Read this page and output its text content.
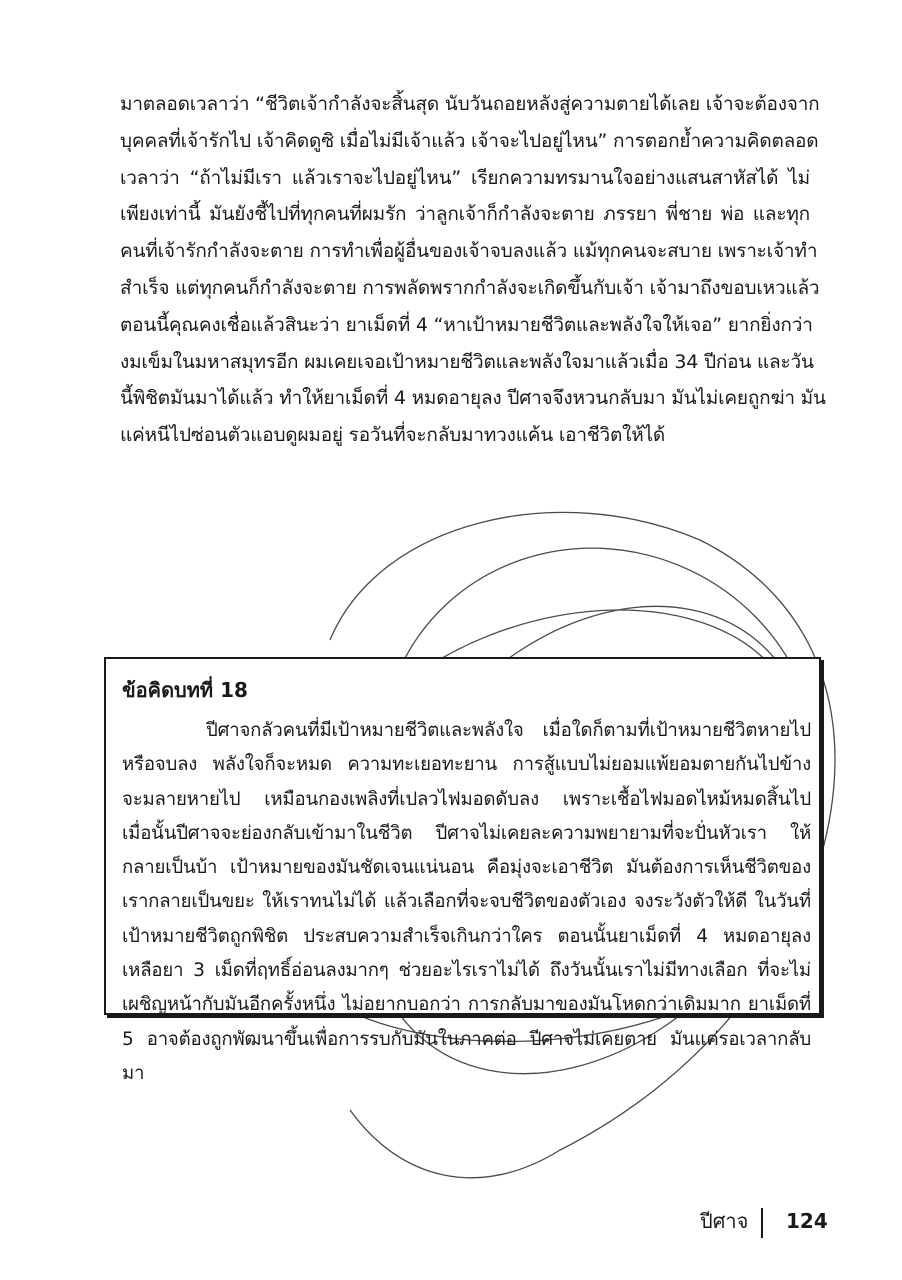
มาตลอดเวลาว่า “ชีวิตเจ้ากำลังจะสิ้นสุด นับวันถอยหลังสู่ความตายได้เลย เจ้าจะต้องจาก
บุคคลที่เจ้ารักไป เจ้าคิดดูซิ เมื่อไม่มีเจ้าแล้ว เจ้าจะไปอยู่ไหน” การตอกย้ำความคิดตลอด
เวลาว่า “ถ้าไม่มีเรา แล้วเราจะไปอยู่ไหน” เรียกความทรมานใจอย่างแสนสาหัสได้ ไม่
เพียงเท่านี้ มันยังชี้ไปที่ทุกคนที่ผมรัก ว่าลูกเจ้าก็กำลังจะตาย ภรรยา พี่ชาย พ่อ และทุก
คนที่เจ้ารักกำลังจะตาย การทำเพื่อผู้อื่นของเจ้าจบลงแล้ว แม้ทุกคนจะสบาย เพราะเจ้าทำ
สำเร็จ แต่ทุกคนก็กำลังจะตาย การพลัดพรากกำลังจะเกิดขึ้นกับเจ้า เจ้ามาถึงขอบเหวแล้ว
ตอนนี้คุณคงเชื่อแล้วสินะว่า ยาเม็ดที่ 4 “หาเป้าหมายชีวิตและพลังใจให้เจอ” ยากยิ่งกว่า
งมเข็มในมหาสมุทรอีก ผมเคยเจอเป้าหมายชีวิตและพลังใจมาแล้วเมื่อ 34 ปีก่อน และวัน
นี้พิชิตมันมาได้แล้ว ทำให้ยาเม็ดที่ 4 หมดอายุลง ปีศาจจึงหวนกลับมา มันไม่เคยถูกฆ่า มัน
แค่หนีไปซ่อนตัวแอบดูผมอยู่ รอวันที่จะกลับมาทวงแค้น เอาชีวิตให้ได้
ข้อคิดบทที่ 18
ปีศาจกลัวคนที่มีเป้าหมายชีวิตและพลังใจ เมื่อใดก็ตามที่เป้าหมายชีวิตหายไป
หรือจบลง พลังใจก็จะหมด ความทะเยอทะยาน การสู้แบบไม่ยอมแพ้ยอมตายกันไปข้าง
จะมลายหายไป เหมือนกองเพลิงที่เปลวไฟมอดดับลง เพราะเชื้อไฟมอดไหม้หมดสิ้นไป
เมื่อนั้นปีศาจจะย่องกลับเข้ามาในชีวิต ปีศาจไม่เคยละความพยายามที่จะปั่นหัวเรา ให้
กลายเป็นบ้า เป้าหมายของมันชัดเจนแน่นอน คือมุ่งจะเอาชีวิต มันต้องการเห็นชีวิตของ
เรากลายเป็นขยะ ให้เราทนไม่ได้ แล้วเลือกที่จะจบชีวิตของตัวเอง จงระวังตัวให้ดี ในวันที่
เป้าหมายชีวิตถูกพิชิต ประสบความสำเร็จเกินกว่าใคร ตอนนั้นยาเม็ดที่ 4 หมดอายุลง
เหลือยา 3 เม็ดที่ฤทธิ์อ่อนลงมากๆ ช่วยอะไรเราไม่ได้ ถึงวันนั้นเราไม่มีทางเลือก ที่จะไม่
เผชิญหน้ากับมันอีกครั้งหนึ่ง ไม่อยากบอกว่า การกลับมาของมันโหดกว่าเดิมมาก ยาเม็ดที่
5 อาจต้องถูกพัฒนาขึ้นเพื่อการรบกับมันในภาคต่อ ปีศาจไม่เคยตาย มันแค่รอเวลากลับ
มา
ปีศาจ 124
